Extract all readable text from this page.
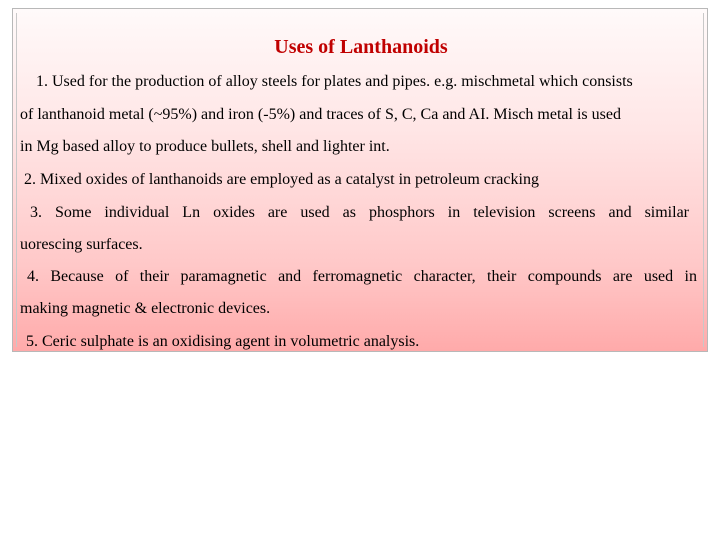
Uses of Lanthanoids
1. Used for the production of alloy steels for plates and pipes. e.g. mischmetal which consists
of lanthanoid metal (~95%) and iron (-5%) and traces of S, C, Ca and AI. Misch metal is used
in Mg based alloy to produce bullets, shell and lighter int.
2. Mixed oxides of lanthanoids are employed as a catalyst in petroleum cracking
3. Some individual Ln oxides are used as phosphors in television screens and similar
uorescing surfaces.
4. Because of their paramagnetic and ferromagnetic character, their compounds are used in
making magnetic & electronic devices.
5. Ceric sulphate is an oxidising agent in volumetric analysis.
